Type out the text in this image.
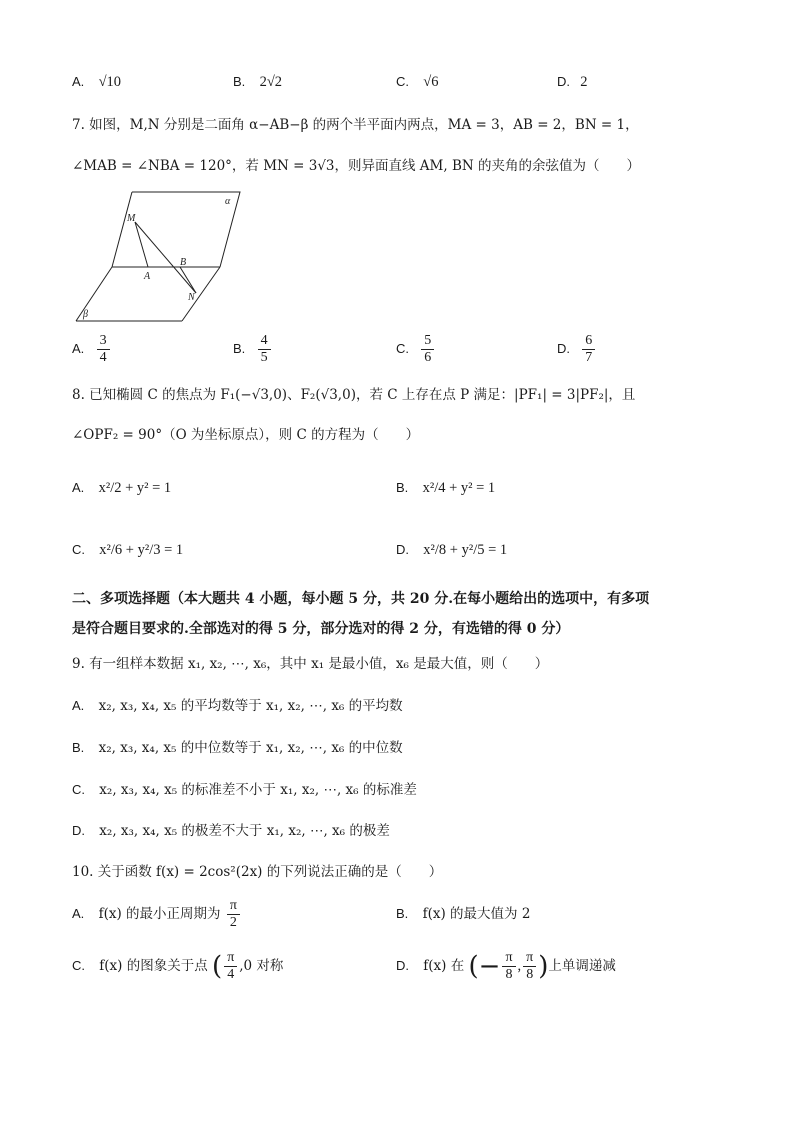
A. √10	B. 2√2	C. √6	D. 2
7. 如图，M,N 分别是二面角 α−AB−β 的两个半平面内两点，MA = 3，AB = 2，BN = 1，
∠MAB = ∠NBA = 120°，若 MN = 3√3，则异面直线 AM, BN 的夹角的余弦值为（　　）
M
α
A
B
N
β
A. $\frac{3}{4}$	B. $\frac{4}{5}$	C. $\frac{5}{6}$	D. $\frac{6}{7}$
8. 已知椭圆 C 的焦点为 F₁(−√3,0)、F₂(√3,0)，若 C 上存在点 P 满足：|PF₁| = 3|PF₂|，且
∠OPF₂ = 90°（O 为坐标原点），则 C 的方程为（　　）
A. x²/2 + y² = 1	B. x²/4 + y² = 1
C. x²/6 + y²/3 = 1	D. x²/8 + y²/5 = 1
二、多项选择题（本大题共 4 小题，每小题 5 分，共 20 分.在每小题给出的选项中，有多项
是符合题目要求的.全部选对的得 5 分，部分选对的得 2 分，有选错的得 0 分）
9. 有一组样本数据 x₁, x₂, ⋯, x₆，其中 x₁ 是最小值，x₆ 是最大值，则（　　）
A. x₂, x₃, x₄, x₅ 的平均数等于 x₁, x₂, ⋯, x₆ 的平均数
B. x₂, x₃, x₄, x₅ 的中位数等于 x₁, x₂, ⋯, x₆ 的中位数
C. x₂, x₃, x₄, x₅ 的标准差不小于 x₁, x₂, ⋯, x₆ 的标准差
D. x₂, x₃, x₄, x₅ 的极差不大于 x₁, x₂, ⋯, x₆ 的极差
10. 关于函数 f(x) = 2cos²(2x) 的下列说法正确的是（　　）
A. f(x) 的最小正周期为 $\frac{\pi}{2}$	B. f(x) 的最大值为 2
C. f(x) 的图象关于点 ( $\frac{\pi}{4} ,0$ 对称	D. f(x) 在 (− $\frac{\pi}{8}$ , $\frac{\pi}{8}$ )上单调递减
